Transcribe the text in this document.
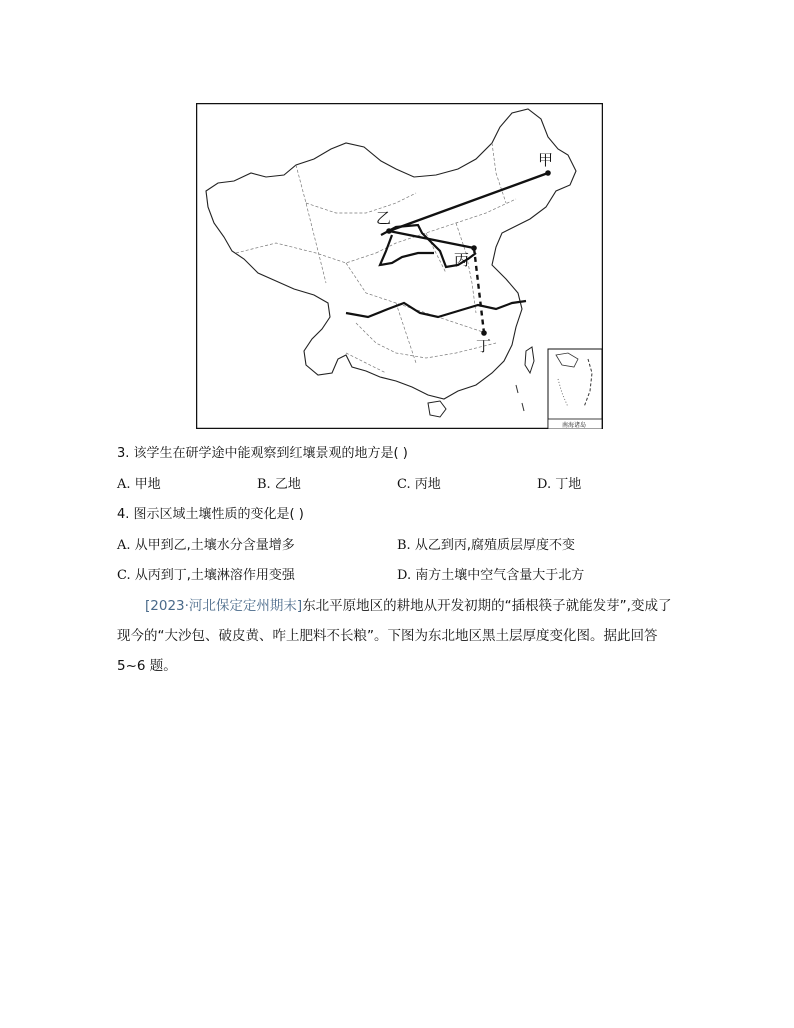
甲
乙
丙
丁
南海诸岛
3. 该学生在研学途中能观察到红壤景观的地方是( )
A. 甲地	B. 乙地	C. 丙地	D. 丁地
4. 图示区域土壤性质的变化是( )
A. 从甲到乙,土壤水分含量增多	B. 从乙到丙,腐殖质层厚度不变
C. 从丙到丁,土壤淋溶作用变强	D. 南方土壤中空气含量大于北方
[2023·河北保定定州期末]东北平原地区的耕地从开发初期的“插根筷子就能发芽”,变成了现今的“大沙包、破皮黄、咋上肥料不长粮”。下图为东北地区黑土层厚度变化图。据此回答 5~6 题。
